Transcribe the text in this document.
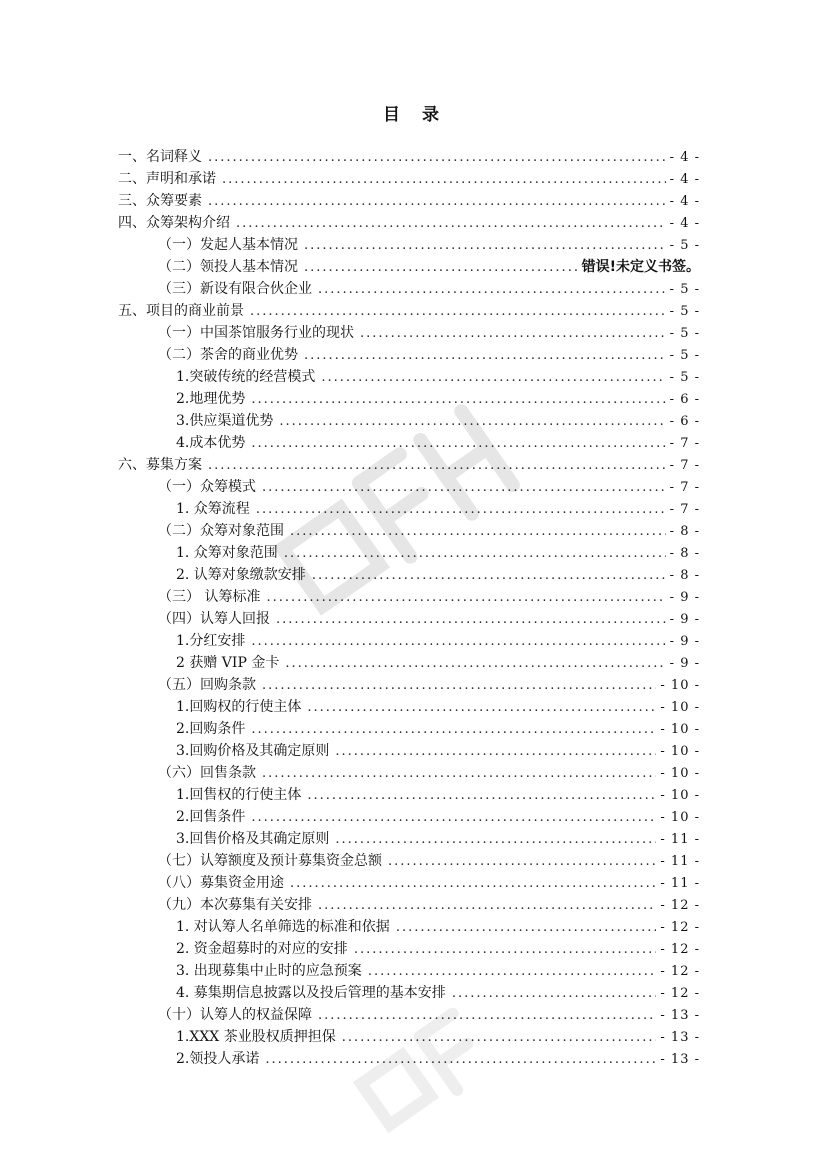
目 录
一、名词释义 .....	- 4 -
二、声明和承诺 .....	- 4 -
三、众筹要素 .....	- 4 -
四、众筹架构介绍 .....	- 4 -
（一）发起人基本情况 .....	- 5 -
（二）领投人基本情况 .....	错误!未定义书签。
（三）新设有限合伙企业 .....	- 5 -
五、项目的商业前景 .....	- 5 -
（一）中国茶馆服务行业的现状 .....	- 5 -
（二）茶舍的商业优势 .....	- 5 -
1.突破传统的经营模式 .....	- 5 -
2.地理优势 .....	- 6 -
3.供应渠道优势 .....	- 6 -
4.成本优势 .....	- 7 -
六、募集方案 .....	- 7 -
（一）众筹模式 .....	- 7 -
1. 众筹流程 .....	- 7 -
（二）众筹对象范围 .....	- 8 -
1. 众筹对象范围 .....	- 8 -
2. 认筹对象缴款安排 .....	- 8 -
（三） 认筹标准 .....	- 9 -
（四）认筹人回报 .....	- 9 -
1.分红安排 .....	- 9 -
2 获赠 VIP 金卡 .....	- 9 -
（五）回购条款 .....	- 10 -
1.回购权的行使主体 .....	- 10 -
2.回购条件 .....	- 10 -
3.回购价格及其确定原则 .....	- 10 -
（六）回售条款 .....	- 10 -
1.回售权的行使主体 .....	- 10 -
2.回售条件 .....	- 10 -
3.回售价格及其确定原则 .....	- 11 -
（七）认筹额度及预计募集资金总额 .....	- 11 -
（八）募集资金用途 .....	- 11 -
（九）本次募集有关安排 .....	- 12 -
1. 对认筹人名单筛选的标准和依据 .....	- 12 -
2. 资金超募时的对应的安排 .....	- 12 -
3. 出现募集中止时的应急预案 .....	- 12 -
4. 募集期信息披露以及投后管理的基本安排 .....	- 12 -
（十）认筹人的权益保障 .....	- 13 -
1.XXX 茶业股权质押担保 .....	- 13 -
2.领投人承诺 .....	- 13 -
